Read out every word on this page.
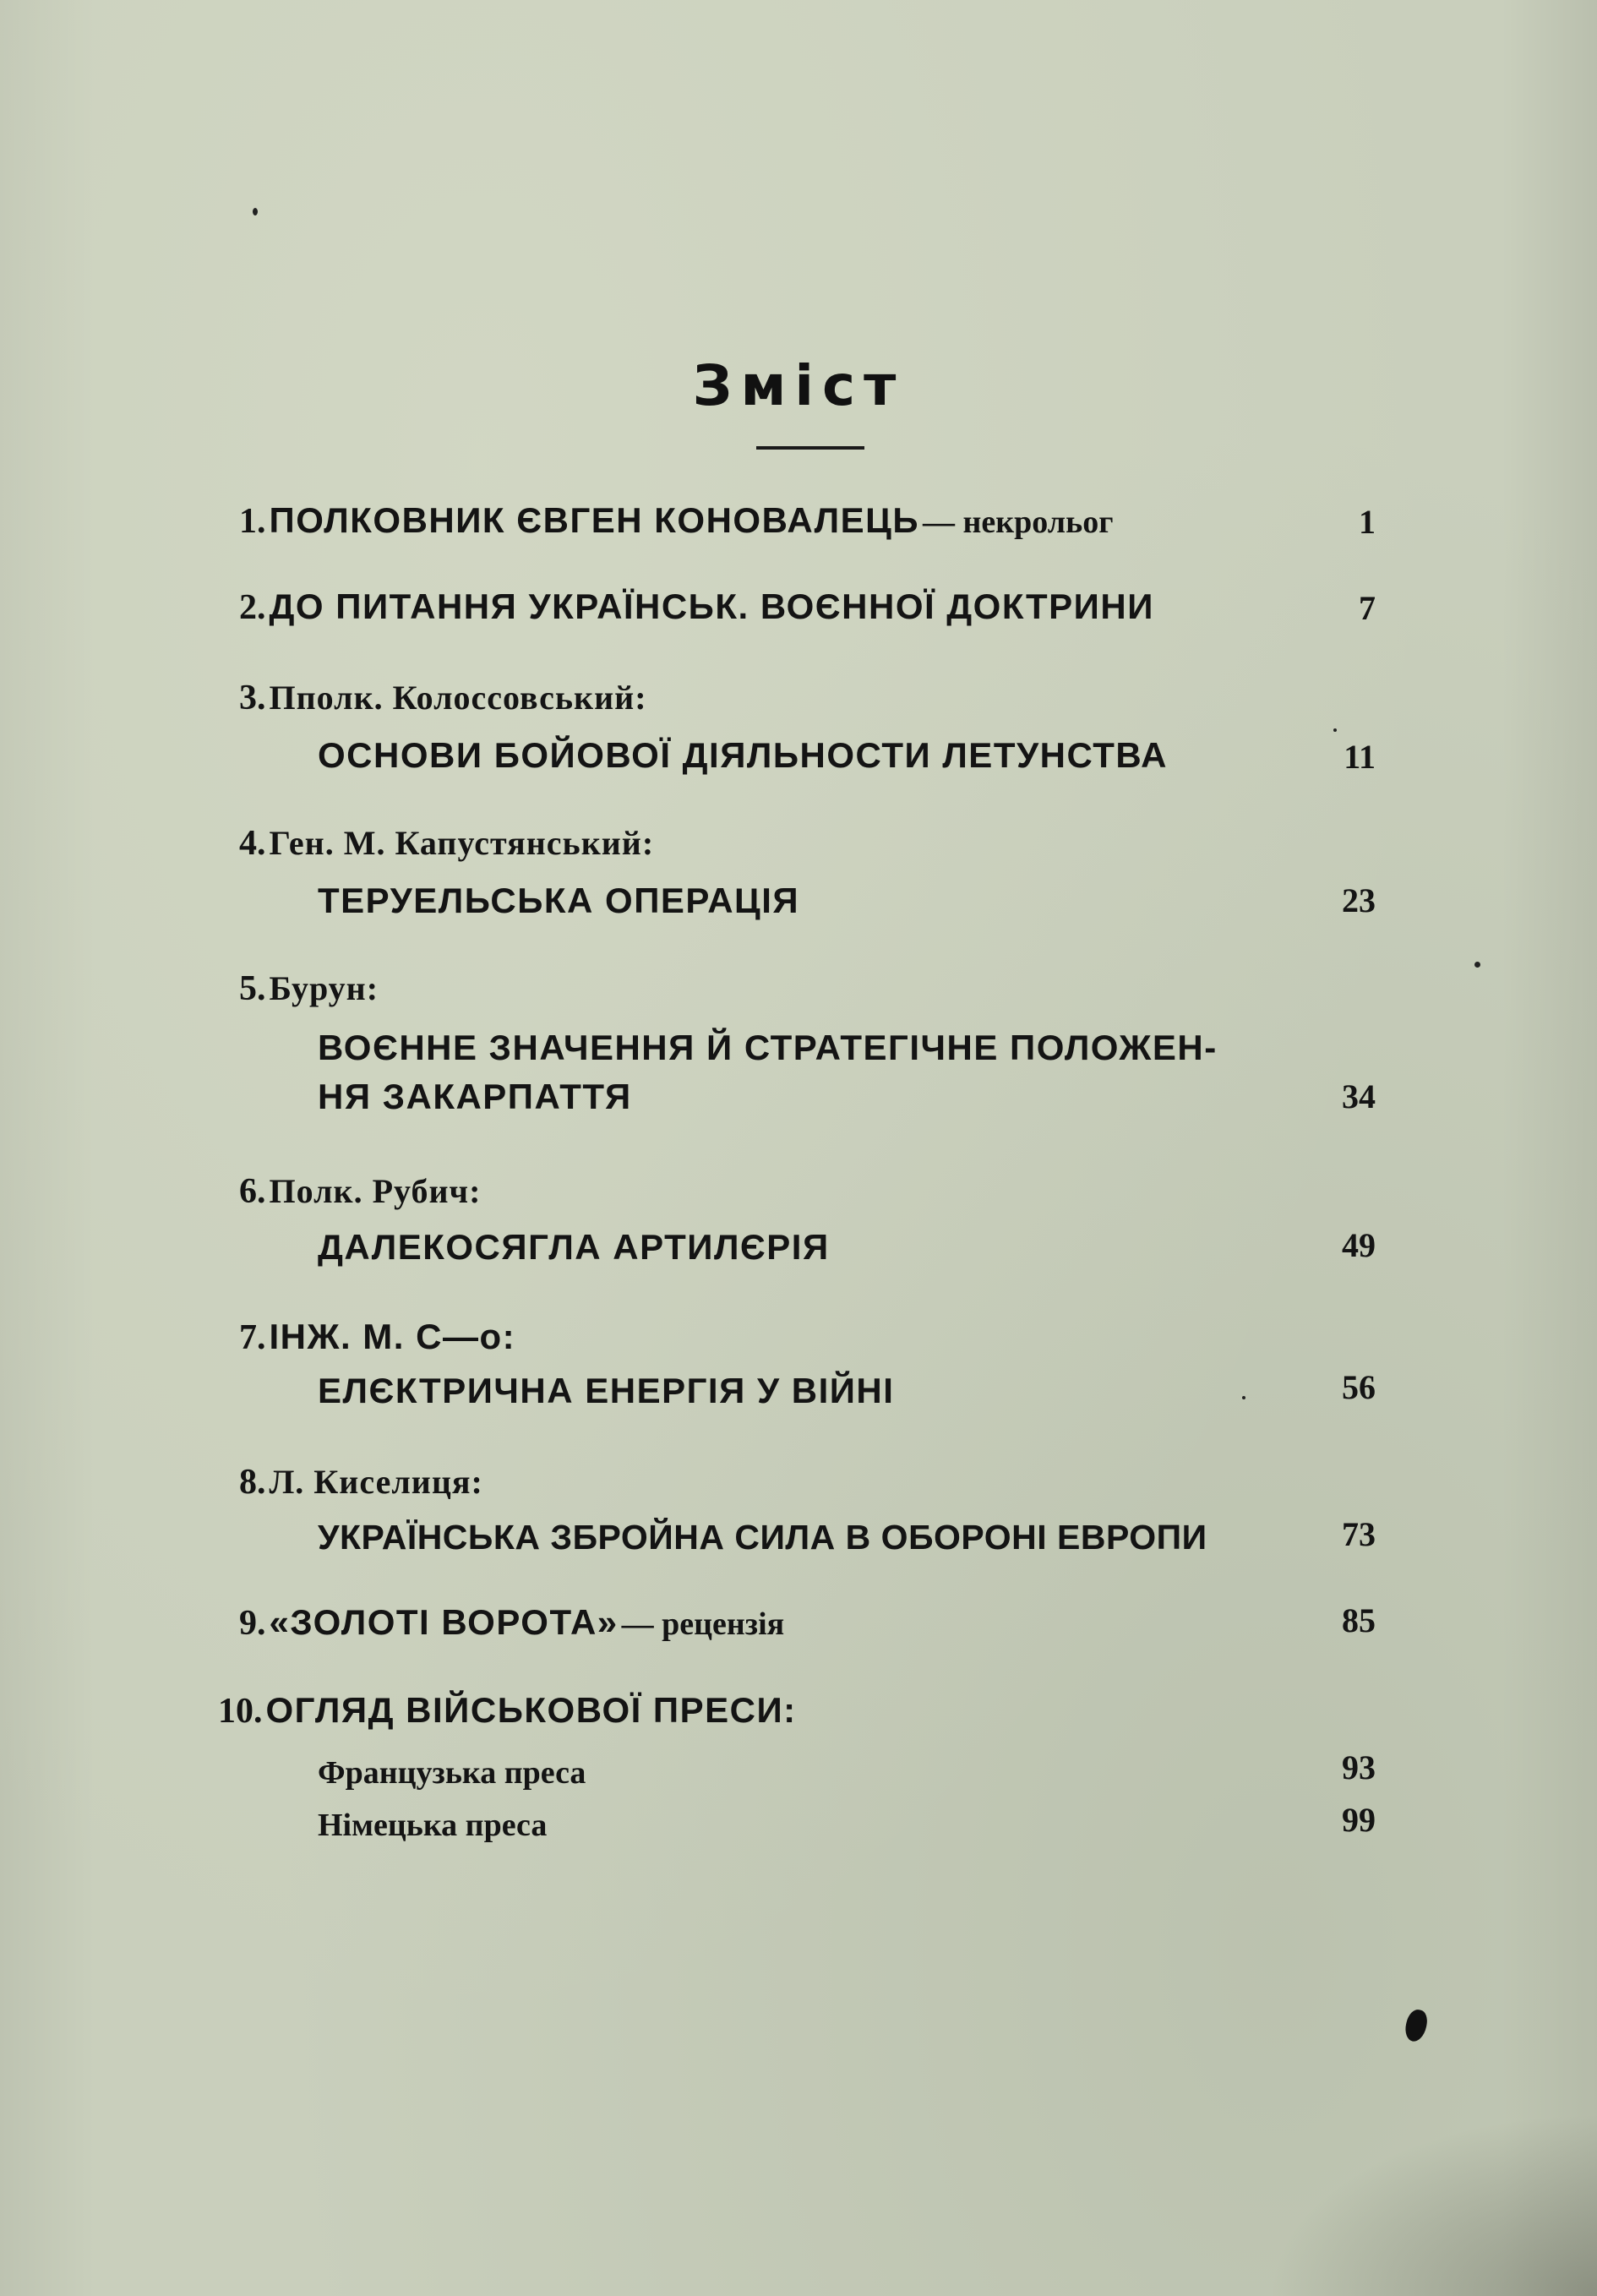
Зміст
1. ПОЛКОВНИК ЄВГЕН КОНОВАЛЕЦЬ — некрольог	1
2. ДО ПИТАННЯ УКРАЇНСЬК. ВОЄННОЇ ДОКТРИНИ	7
3. Пполк. Колоссовський:
ОСНОВИ БОЙОВОЇ ДІЯЛЬНОСТИ ЛЕТУНСТВА	11
4. Ген. М. Капустянський:
ТЕРУЕЛЬСЬКА ОПЕРАЦІЯ	23
5. Бурун:
ВОЄННЕ ЗНАЧЕННЯ Й СТРАТЕГІЧНЕ ПОЛОЖЕН-
НЯ ЗАКАРПАТТЯ	34
6. Полк. Рубич:
ДАЛЕКОСЯГЛА АРТИЛЄРІЯ	49
7. ІНЖ. М. С—о:
ЕЛЄКТРИЧНА ЕНЕРГІЯ У ВІЙНІ	56
8. Л. Киселиця:
УКРАЇНСЬКА ЗБРОЙНА СИЛА В ОБОРОНІ ЕВРОПИ	73
9. «ЗОЛОТІ ВОРОТА» — рецензія	85
10. ОГЛЯД ВІЙСЬКОВОЇ ПРЕСИ:
Французька преса	93
Німецька преса	99
